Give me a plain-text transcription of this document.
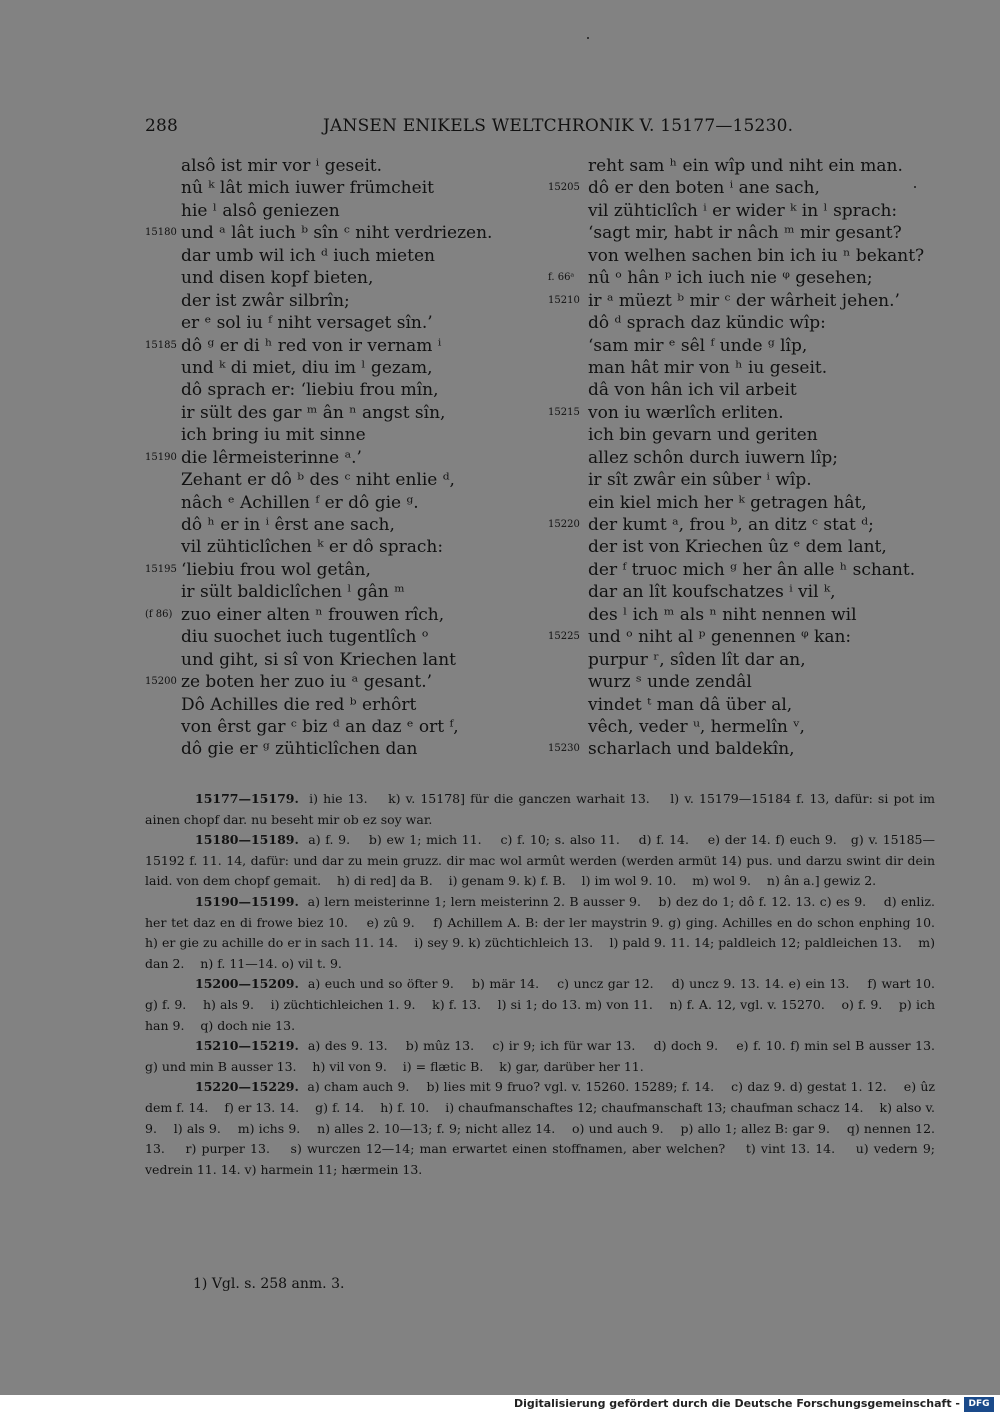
288	JANSEN ENIKELS WELTCHRONIK V. 15177—15230.
alsô ist mir vor ⁱ geseit.
nû ᵏ lât mich iuwer frümcheit
hie ˡ alsô geniezen
15180 und ᵃ lât iuch ᵇ sîn ᶜ niht verdriezen.
dar umb wil ich ᵈ iuch mieten
und disen kopf bieten,
der ist zwâr silbrîn;
er ᵉ sol iu ᶠ niht versaget sîn.’
15185 dô ᵍ er di ʰ red von ir vernam ⁱ
und ᵏ di miet, diu im ˡ gezam,
dô sprach er: ‘liebiu frou mîn,
ir sült des gar ᵐ ân ⁿ angst sîn,
ich bring iu mit sinne
15190 die lêrmeisterinne ᵃ.’
Zehant er dô ᵇ des ᶜ niht enlie ᵈ,
nâch ᵉ Achillen ᶠ er dô gie ᵍ.
dô ʰ er in ⁱ êrst ane sach,
vil zühticlîchen ᵏ er dô sprach:
15195 ‘liebiu frou wol getân,
ir sült baldiclîchen ˡ gân ᵐ
(f 86) zuo einer alten ⁿ frouwen rîch,
diu suochet iuch tugentlîch ᵒ
und giht, si sî von Kriechen lant
15200 ze boten her zuo iu ᵃ gesant.’
Dô Achilles die red ᵇ erhôrt
von êrst gar ᶜ biz ᵈ an daz ᵉ ort ᶠ,
dô gie er ᵍ zühticlîchen dan
reht sam ʰ ein wîp und niht ein man.
15205 dô er den boten ⁱ ane sach,
vil zühticlîch ⁱ er wider ᵏ in ˡ sprach:
‘sagt mir, habt ir nâch ᵐ mir gesant?
von welhen sachen bin ich iu ⁿ bekant?
f. 66ᵃ nû ᵒ hân ᵖ ich iuch nie ᵠ gesehen;
15210 ir ᵃ müezt ᵇ mir ᶜ der wârheit jehen.’
dô ᵈ sprach daz kündic wîp:
‘sam mir ᵉ sêl ᶠ unde ᵍ lîp,
man hât mir von ʰ iu geseit.
dâ von hân ich vil arbeit
15215 von iu wærlîch erliten.
ich bin gevarn und geriten
allez schôn durch iuwern lîp;
ir sît zwâr ein sûber ⁱ wîp.
ein kiel mich her ᵏ getragen hât,
15220 der kumt ᵃ, frou ᵇ, an ditz ᶜ stat ᵈ;
der ist von Kriechen ûz ᵉ dem lant,
der ᶠ truoc mich ᵍ her ân alle ʰ schant.
dar an lît koufschatzes ⁱ vil ᵏ,
des ˡ ich ᵐ als ⁿ niht nennen wil
15225 und ᵒ niht al ᵖ genennen ᵠ kan:
purpur ʳ, sîden lît dar an,
wurz ˢ unde zendâl
vindet ᵗ man dâ über al,
vêch, veder ᵘ, hermelîn ᵛ,
15230 scharlach und baldekîn,

15177—15179.  i) hie 13.    k) v. 15178] für die ganczen warhait 13.    l) v. 15179—15184 f. 13, dafür: si pot im ainen chopf dar. nu beseht mir ob ez soy war.

15180—15189.  a) f. 9.    b) ew 1; mich 11.    c) f. 10; s. also 11.    d) f. 14.    e) der 14. f) euch 9.   g) v. 15185—15192 f. 11. 14, dafür: und dar zu mein gruzz. dir mac wol armût werden (werden armüt 14) pus. und darzu swint dir dein laid. von dem chopf gemait.    h) di red] da B.    i) genam 9. k) f. B.    l) im wol 9. 10.    m) wol 9.    n) ân a.] gewiz 2.

15190—15199.  a) lern meisterinne 1; lern meisterinn 2. B ausser 9.    b) dez do 1; dô f. 12. 13. c) es 9.    d) enliz. her tet daz en di frowe biez 10.    e) zû 9.    f) Achillem A. B: der ler maystrin 9. g) ging. Achilles en do schon enphing 10.    h) er gie zu achille do er in sach 11. 14.    i) sey 9. k) züchtichleich 13.    l) pald 9. 11. 14; paldleich 12; paldleichen 13.    m) dan 2.    n) f. 11—14. o) vil t. 9.

15200—15209.  a) euch und so öfter 9.    b) mär 14.    c) uncz gar 12.    d) uncz 9. 13. 14. e) ein 13.    f) wart 10.    g) f. 9.    h) als 9.    i) züchtichleichen 1. 9.    k) f. 13.    l) si 1; do 13. m) von 11.    n) f. A. 12, vgl. v. 15270.    o) f. 9.    p) ich han 9.    q) doch nie 13.

15210—15219.  a) des 9. 13.    b) mûz 13.    c) ir 9; ich für war 13.    d) doch 9.    e) f. 10. f) min sel B ausser 13.    g) und min B ausser 13.    h) vil von 9.    i) = flætic B.    k) gar, darüber her 11.

15220—15229.  a) cham auch 9.    b) lies mit 9 fruo? vgl. v. 15260. 15289; f. 14.    c) daz 9. d) gestat 1. 12.    e) ûz dem f. 14.    f) er 13. 14.    g) f. 14.    h) f. 10.    i) chaufmanschaftes 12; chaufmanschaft 13; chaufman schacz 14.    k) also v. 9.    l) als 9.    m) ichs 9.    n) alles 2. 10—13; f. 9; nicht allez 14.    o) und auch 9.    p) allo 1; allez B: gar 9.    q) nennen 12. 13.    r) purper 13.    s) wurczen 12—14; man erwartet einen stoffnamen, aber welchen?    t) vint 13. 14.    u) vedern 9; vedrein 11. 14. v) harmein 11; hærmein 13.

1) Vgl. s. 258 anm. 3.
Digitalisierung gefördert durch die Deutsche Forschungsgemeinschaft - DFG
